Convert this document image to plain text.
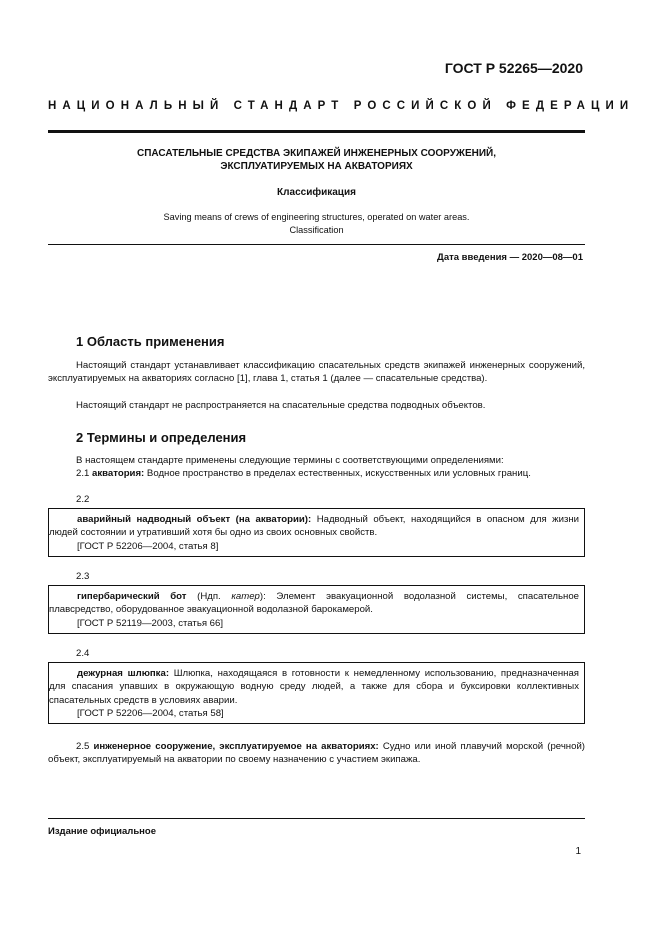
ГОСТ Р 52265—2020
НАЦИОНАЛЬНЫЙ СТАНДАРТ РОССИЙСКОЙ ФЕДЕРАЦИИ
СПАСАТЕЛЬНЫЕ СРЕДСТВА ЭКИПАЖЕЙ ИНЖЕНЕРНЫХ СООРУЖЕНИЙ,
ЭКСПЛУАТИРУЕМЫХ НА АКВАТОРИЯХ
Классификация
Saving means of crews of engineering structures, operated on water areas.
Classification
Дата введения — 2020—08—01
1 Область применения
Настоящий стандарт устанавливает классификацию спасательных средств экипажей инженерных сооружений, эксплуатируемых на акваториях согласно [1], глава 1, статья 1 (далее — спасательные средства).
Настоящий стандарт не распространяется на спасательные средства подводных объектов.
2 Термины и определения
В настоящем стандарте применены следующие термины с соответствующими определениями:
2.1 акватория: Водное пространство в пределах естественных, искусственных или условных границ.
2.2
аварийный надводный объект (на акватории): Надводный объект, находящийся в опасном для жизни людей состоянии и утративший хотя бы одно из своих основных свойств.
[ГОСТ Р 52206—2004, статья 8]
2.3
гипербарический бот (Ндп. катер): Элемент эвакуационной водолазной системы, спасательное плавсредство, оборудованное эвакуационной водолазной барокамерой.
[ГОСТ Р 52119—2003, статья 66]
2.4
дежурная шлюпка: Шлюпка, находящаяся в готовности к немедленному использованию, предназначенная для спасания упавших в окружающую водную среду людей, а также для сбора и буксировки коллективных спасательных средств в условиях аварии.
[ГОСТ Р 52206—2004, статья 58]
2.5 инженерное сооружение, эксплуатируемое на акваториях: Судно или иной плавучий морской (речной) объект, эксплуатируемый на акватории по своему назначению с участием экипажа.
Издание официальное
1
